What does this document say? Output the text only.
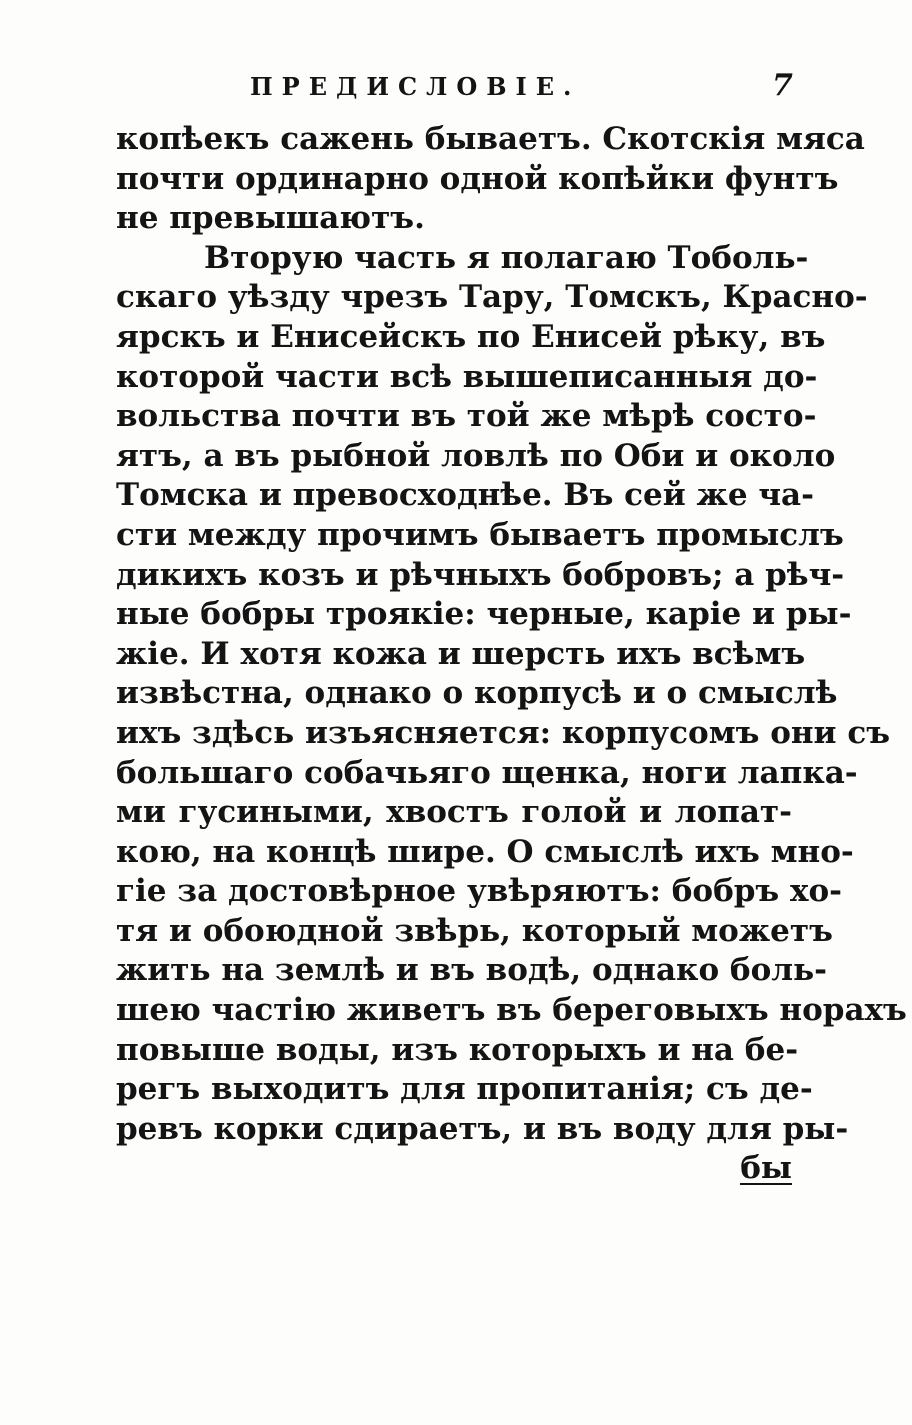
ПРЕДИСЛОВІЕ.	7
копѣекъ сажень бываетъ. Скотскія мяса
почти ординарно одной копѣйки фунтъ
не превышаютъ.
Вторую часть я полагаю Тоболь-
скаго уѣзду чрезъ Тару, Томскъ, Красно-
ярскъ и Енисейскъ по Енисей рѣку, въ
которой части всѣ вышеписанныя до-
вольства почти въ той же мѣрѣ состо-
ятъ, а въ рыбной ловлѣ по Оби и около
Томска и превосходнѣе. Въ сей же ча-
сти между прочимъ бываетъ промыслъ
дикихъ козъ и рѣчныхъ бобровъ; а рѣч-
ные бобры троякіе: черные, каріе и ры-
жіе. И хотя кожа и шерсть ихъ всѣмъ
извѣстна, однако о корпусѣ и о смыслѣ
ихъ здѣсь изъясняется: корпусомъ они съ
большаго собачьяго щенка, ноги лапка-
ми гусиными, хвостъ голой и лопат-
кою, на концѣ шире. О смыслѣ ихъ мно-
гіе за достовѣрное увѣряютъ: бобръ хо-
тя и обоюдной звѣрь, который можетъ
жить на землѣ и въ водѣ, однако боль-
шею частію живетъ въ береговыхъ норахъ
повыше воды, изъ которыхъ и на бе-
регъ выходитъ для пропитанія; съ де-
ревъ корки сдираетъ, и въ воду для ры-
бы
